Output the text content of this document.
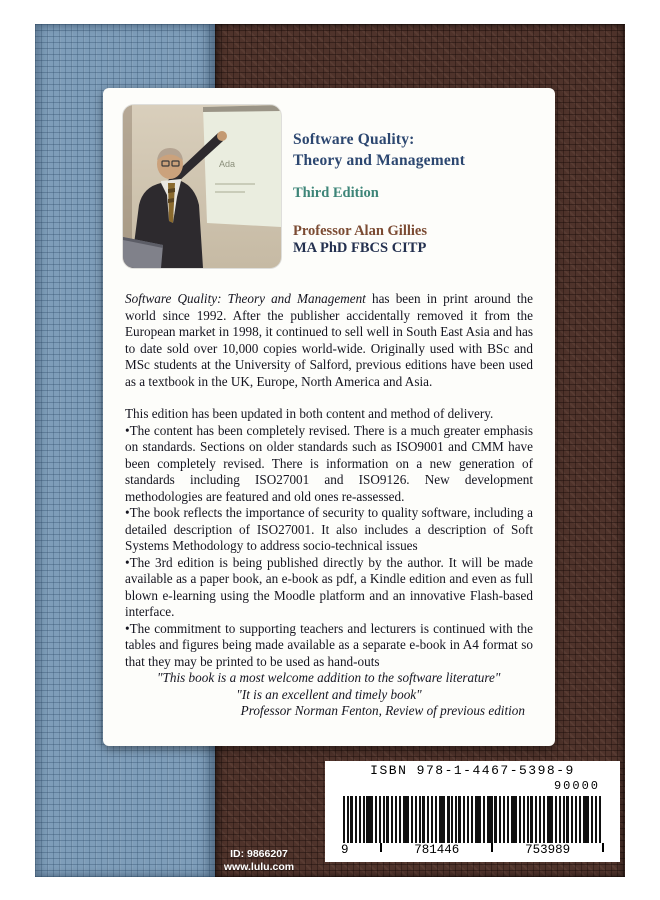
Ada
Software Quality:
Theory and Management
Third Edition
Professor Alan Gillies
MA PhD FBCS CITP

Software Quality: Theory and Management has been in print around the world since 1992. After the publisher accidentally removed it from the European market in 1998, it continued to sell well in South East Asia and has to date sold over 10,000 copies world-wide. Originally used with BSc and MSc students at the University of Salford, previous editions have been used as a textbook in the UK, Europe, North America and Asia.

This edition has been updated in both content and method of delivery.

•The content has been completely revised. There is a much greater emphasis on standards. Sections on older standards such as ISO9001 and CMM have been completely revised. There is information on a new generation of standards including ISO27001 and ISO9126. New development methodologies are featured and old ones re-assessed.

•The book reflects the importance of security to quality software, including a detailed description of ISO27001. It also includes a description of Soft Systems Methodology to address socio-technical issues

•The 3rd edition is being published directly by the author. It will be made available as a paper book, an e-book as pdf, a Kindle edition and even as full blown e-learning using the Moodle platform and an innovative Flash-based interface.

•The commitment to supporting teachers and lecturers is continued with the tables and figures being made available as a separate e-book in A4 format so that they may be printed to be used as hand-outs

"This book is a most welcome addition to the software literature"

"It is an excellent and timely book"

Professor Norman Fenton, Review of previous edition

ISBN 978-1-4467-5398-9
90000
9	781446	753989
ID: 9866207
www.lulu.com
